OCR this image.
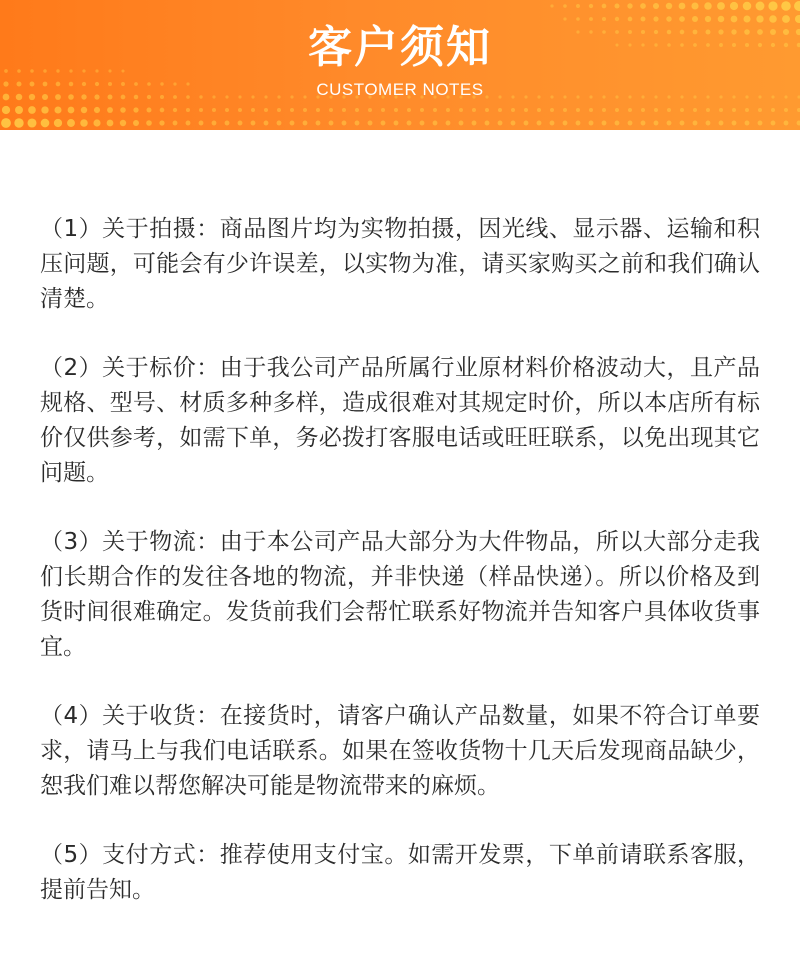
客户须知
CUSTOMER NOTES

（1）关于拍摄：商品图片均为实物拍摄，因光线、显示器、运输和积压问题，可能会有少许误差，以实物为准，请买家购买之前和我们确认清楚。

（2）关于标价：由于我公司产品所属行业原材料价格波动大，且产品规格、型号、材质多种多样，造成很难对其规定时价，所以本店所有标价仅供参考，如需下单，务必拨打客服电话或旺旺联系，以免出现其它问题。

（3）关于物流：由于本公司产品大部分为大件物品，所以大部分走我们长期合作的发往各地的物流，并非快递（样品快递）。所以价格及到货时间很难确定。发货前我们会帮忙联系好物流并告知客户具体收货事宜。

（4）关于收货：在接货时，请客户确认产品数量，如果不符合订单要求，请马上与我们电话联系。如果在签收货物十几天后发现商品缺少，恕我们难以帮您解决可能是物流带来的麻烦。

（5）支付方式：推荐使用支付宝。如需开发票，下单前请联系客服，提前告知。
